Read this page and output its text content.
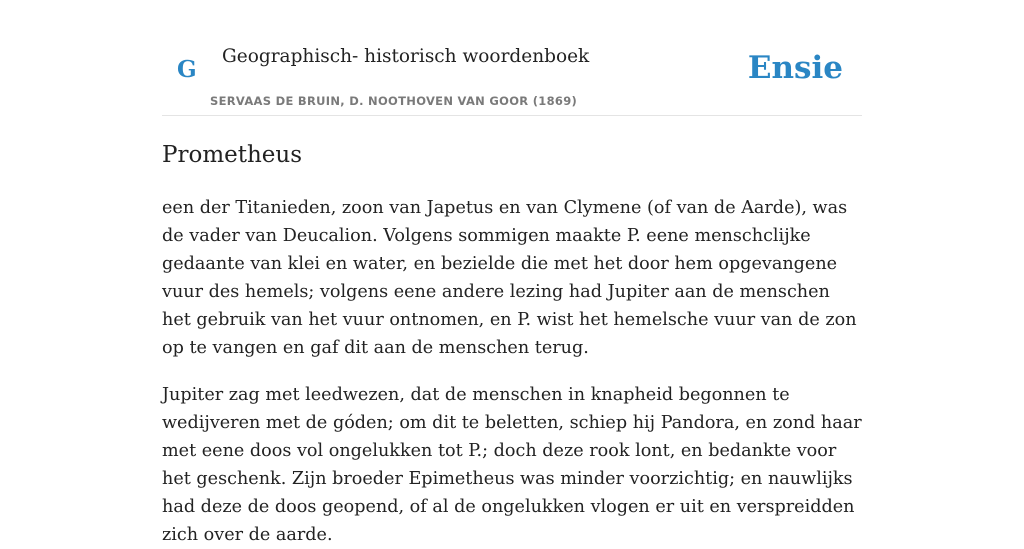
G Geographisch- historisch woordenboek
SERVAAS DE BRUIN, D. NOOTHOVEN VAN GOOR (1869)
Ensie
Prometheus

een der Titanieden, zoon van Japetus en van Clymene (of van de Aarde), was de vader van Deucalion. Volgens sommigen maakte P. eene menschclijke gedaante van klei en water, en bezielde die met het door hem opgevangene vuur des hemels; volgens eene andere lezing had Jupiter aan de menschen het gebruik van het vuur ontnomen, en P. wist het hemelsche vuur van de zon op te vangen en gaf dit aan de menschen terug.

Jupiter zag met leedwezen, dat de menschen in knapheid begonnen te wedijveren met de góden; om dit te beletten, schiep hij Pandora, en zond haar met eene doos vol ongelukken tot P.; doch deze rook lont, en bedankte voor het geschenk. Zijn broeder Epimetheus was minder voorzichtig; en nauwlijks had deze de doos geopend, of al de ongelukken vlogen er uit en verspreidden zich over de aarde.
